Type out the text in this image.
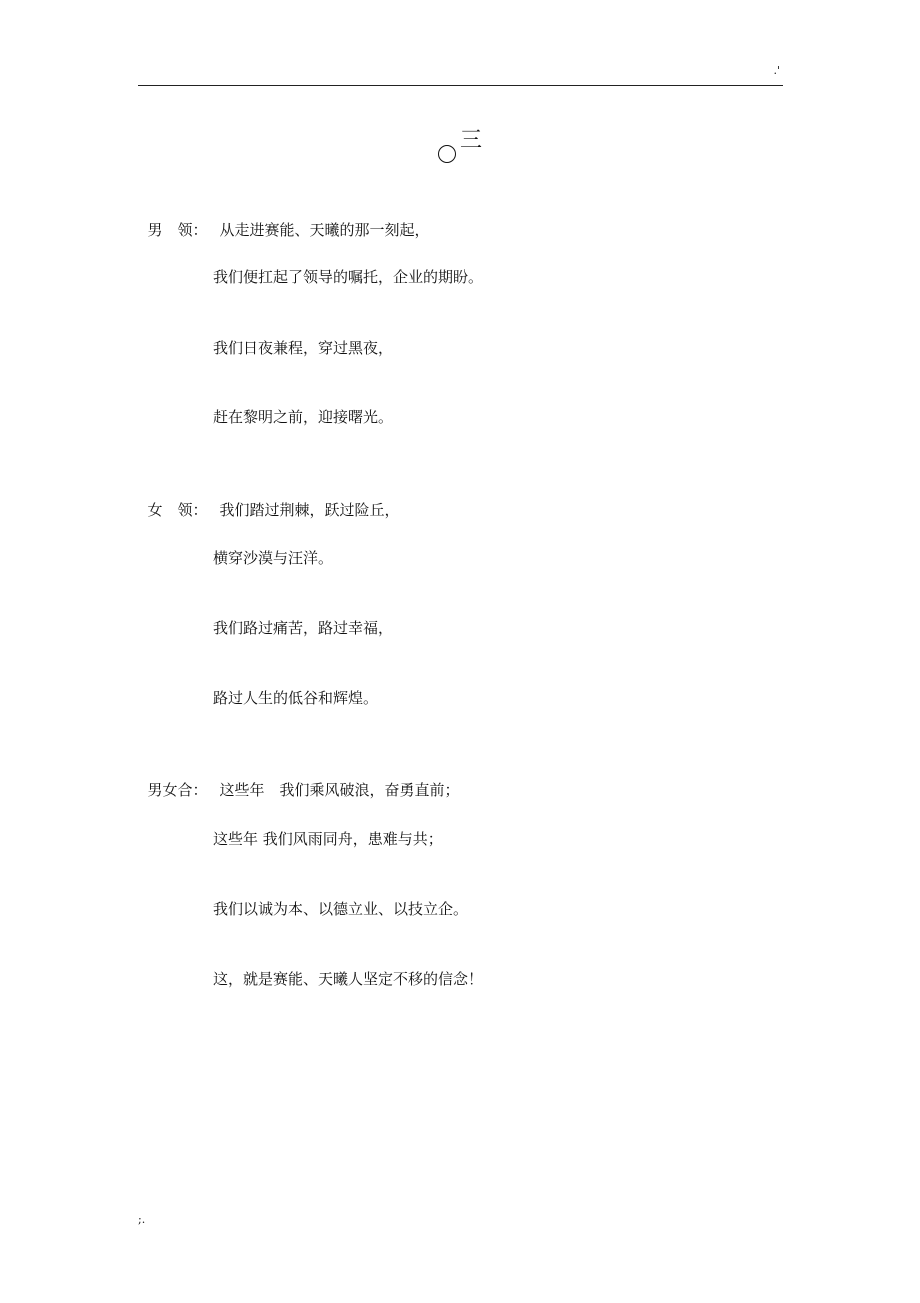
.'
三

男　领： 从走进赛能、天曦的那一刻起，

我们便扛起了领导的嘱托，企业的期盼。
我们日夜兼程，穿过黑夜，
赶在黎明之前，迎接曙光。

女　领： 我们踏过荆棘，跃过险丘，

横穿沙漠与汪洋。
我们路过痛苦，路过幸福，
路过人生的低谷和辉煌。

男女合： 这些年　我们乘风破浪，奋勇直前；

这些年 我们风雨同舟，患难与共；
我们以诚为本、以德立业、以技立企。
这，就是赛能、天曦人坚定不移的信念！
;.
